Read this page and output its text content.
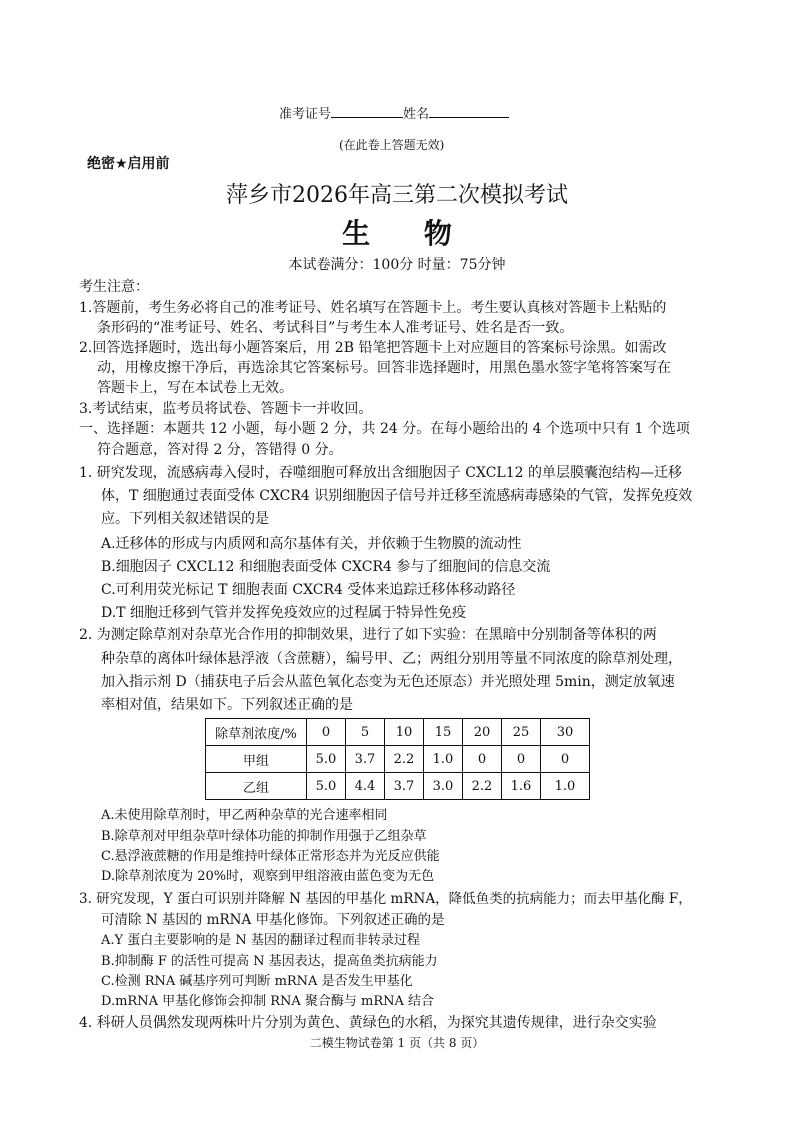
准考证号	姓名
(在此卷上答题无效)
绝密★启用前
萍乡市2026年高三第二次模拟考试
生 物
本试卷满分：100分 时量：75分钟
考生注意：
1.答题前，考生务必将自己的准考证号、姓名填写在答题卡上。考生要认真核对答题卡上粘贴的
条形码的“准考证号、姓名、考试科目”与考生本人准考证号、姓名是否一致。
2.回答选择题时，选出每小题答案后，用 2B 铅笔把答题卡上对应题目的答案标号涂黑。如需改
动，用橡皮擦干净后，再选涂其它答案标号。回答非选择题时，用黑色墨水签字笔将答案写在
答题卡上，写在本试卷上无效。
3.考试结束，监考员将试卷、答题卡一并收回。
一、选择题：本题共 12 小题，每小题 2 分，共 24 分。在每小题给出的 4 个选项中只有 1 个选项
符合题意，答对得 2 分，答错得 0 分。
1. 研究发现，流感病毒入侵时，吞噬细胞可释放出含细胞因子 CXCL12 的单层膜囊泡结构—迁移
体，T 细胞通过表面受体 CXCR4 识别细胞因子信号并迁移至流感病毒感染的气管，发挥免疫效
应。下列相关叙述错误的是
A.迁移体的形成与内质网和高尔基体有关，并依赖于生物膜的流动性
B.细胞因子 CXCL12 和细胞表面受体 CXCR4 参与了细胞间的信息交流
C.可利用荧光标记 T 细胞表面 CXCR4 受体来追踪迁移体移动路径
D.T 细胞迁移到气管并发挥免疫效应的过程属于特异性免疫
2. 为测定除草剂对杂草光合作用的抑制效果，进行了如下实验：在黑暗中分别制备等体积的两
种杂草的离体叶绿体悬浮液（含蔗糖），编号甲、乙；两组分别用等量不同浓度的除草剂处理，
加入指示剂 D（捕获电子后会从蓝色氧化态变为无色还原态）并光照处理 5min，测定放氧速
率相对值，结果如下。下列叙述正确的是
除草剂浓度/%	0	5	10	15	20	25	30
甲组	5.0	3.7	2.2	1.0	0	0	0
乙组	5.0	4.4	3.7	3.0	2.2	1.6	1.0
A.未使用除草剂时，甲乙两种杂草的光合速率相同
B.除草剂对甲组杂草叶绿体功能的抑制作用强于乙组杂草
C.悬浮液蔗糖的作用是维持叶绿体正常形态并为光反应供能
D.除草剂浓度为 20%时，观察到甲组溶液由蓝色变为无色
3. 研究发现，Y 蛋白可识别并降解 N 基因的甲基化 mRNA，降低鱼类的抗病能力；而去甲基化酶 F，
可清除 N 基因的 mRNA 甲基化修饰。下列叙述正确的是
A.Y 蛋白主要影响的是 N 基因的翻译过程而非转录过程
B.抑制酶 F 的活性可提高 N 基因表达，提高鱼类抗病能力
C.检测 RNA 碱基序列可判断 mRNA 是否发生甲基化
D.mRNA 甲基化修饰会抑制 RNA 聚合酶与 mRNA 结合
4. 科研人员偶然发现两株叶片分别为黄色、黄绿色的水稻，为探究其遗传规律，进行杂交实验
二模生物试卷第 1 页（共 8 页）
